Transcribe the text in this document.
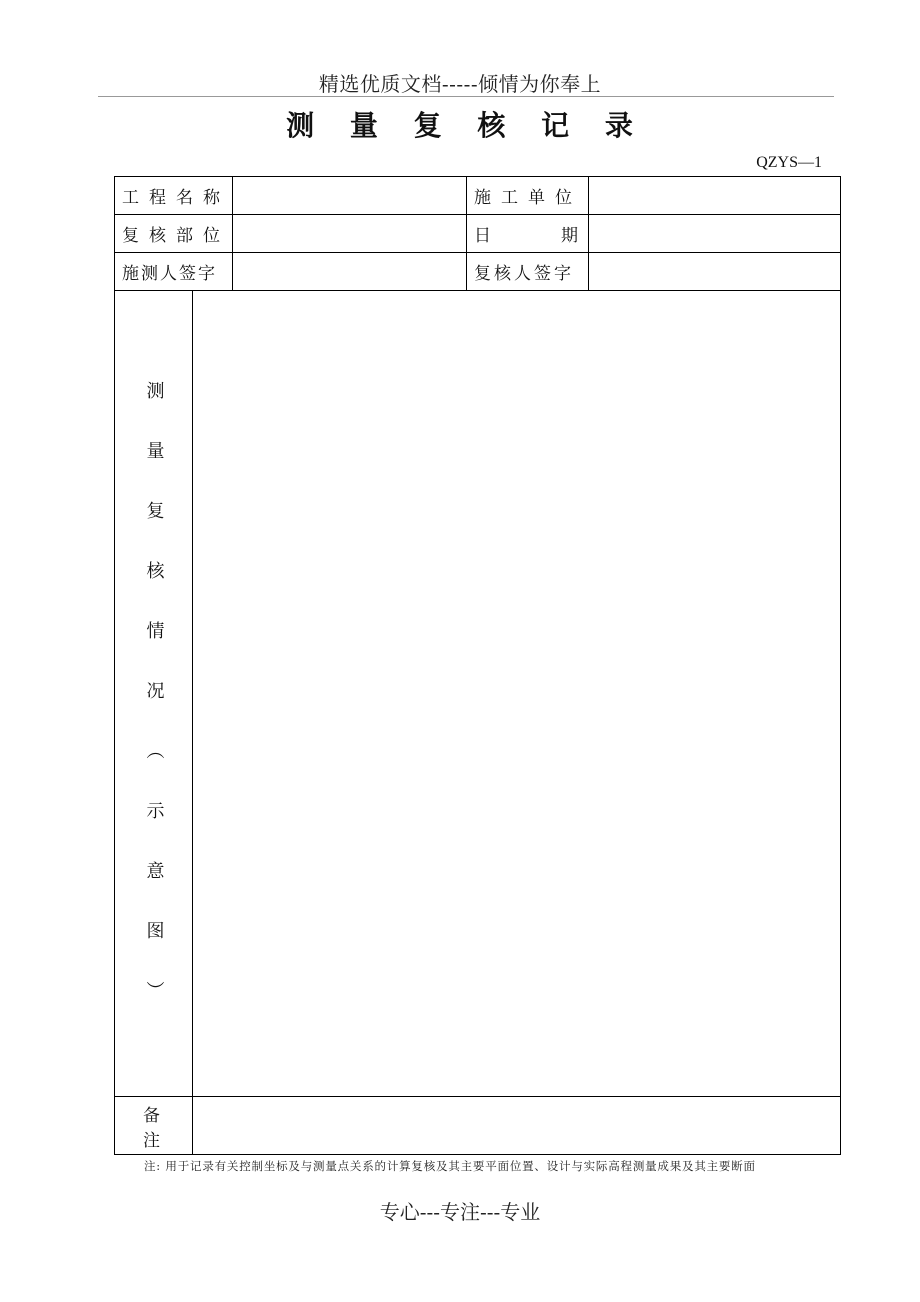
精选优质文档-----倾情为你奉上
测 量 复 核 记 录
QZYS—1
工程名称			施工单位	
复核部位			日 期	

施测人签字			复核人签字	
测量复核情况︵示意图︶				
备注				
注: 用于记录有关控制坐标及与测量点关系的计算复核及其主要平面位置、设计与实际高程测量成果及其主要断面
专心---专注---专业
